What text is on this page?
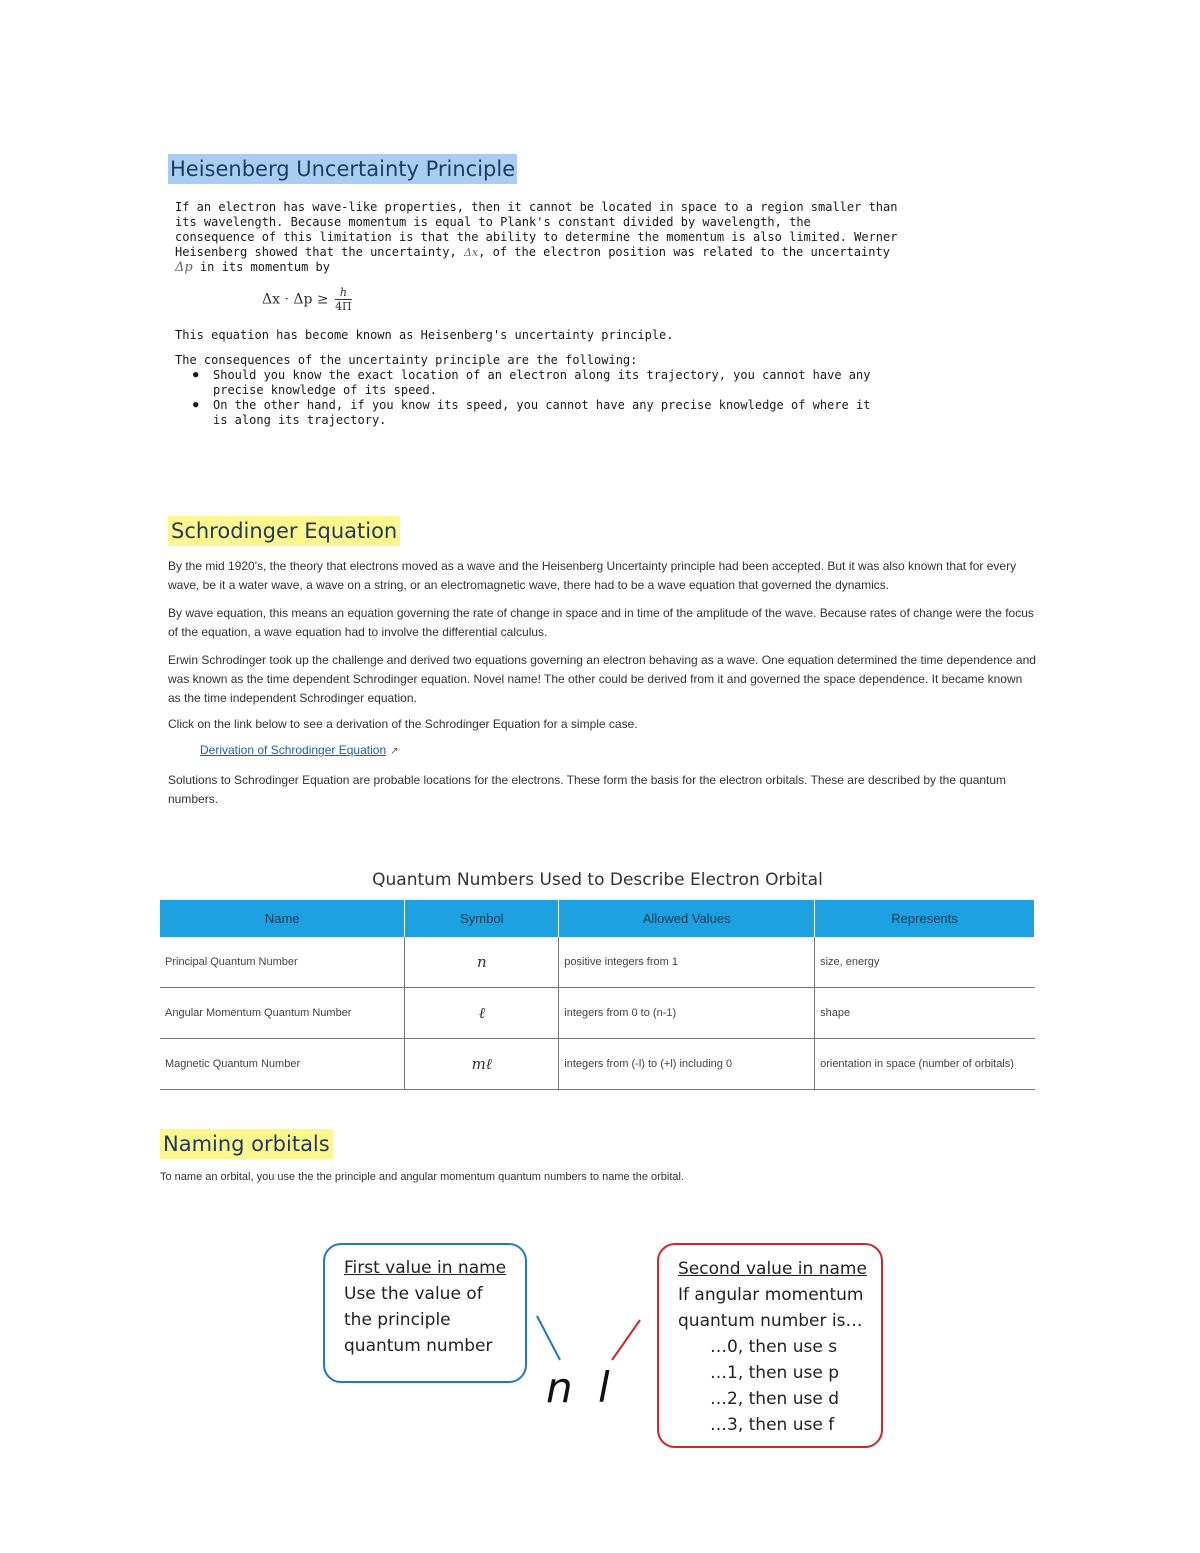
Heisenberg Uncertainty Principle
If an electron has wave-like properties, then it cannot be located in space to a region smaller than
its wavelength. Because momentum is equal to Plank's constant divided by wavelength, the
consequence of this limitation is that the ability to determine the momentum is also limited. Werner
Heisenberg showed that the uncertainty, Δx, of the electron position was related to the uncertainty
Δp in its momentum by
$\Delta x \cdot \Delta p \ge \frac{h}{4\Pi}$
This equation has become known as Heisenberg's uncertainty principle.
The consequences of the uncertainty principle are the following:
● Should you know the exact location of an electron along its trajectory, you cannot have any
precise knowledge of its speed.
● On the other hand, if you know its speed, you cannot have any precise knowledge of where it
is along its trajectory.
Schrodinger Equation
By the mid 1920's, the theory that electrons moved as a wave and the Heisenberg Uncertainty principle had been accepted. But it was also known that for every wave, be it a water wave, a wave on a string, or an electromagnetic wave, there had to be a wave equation that governed the dynamics.
By wave equation, this means an equation governing the rate of change in space and in time of the amplitude of the wave. Because rates of change were the focus of the equation, a wave equation had to involve the differential calculus.
Erwin Schrodinger took up the challenge and derived two equations governing an electron behaving as a wave. One equation determined the time dependence and was known as the time dependent Schrodinger equation. Novel name! The other could be derived from it and governed the space dependence. It became known as the time independent Schrodinger equation.
Click on the link below to see a derivation of the Schrodinger Equation for a simple case.
Derivation of Schrodinger Equation ↗
Solutions to Schrodinger Equation are probable locations for the electrons. These form the basis for the electron orbitals. These are described by the quantum numbers.
Quantum Numbers Used to Describe Electron Orbital
Name	Symbol	Allowed Values	Represents
Principal Quantum Number	n	positive integers from 1	size, energy
Angular Momentum Quantum Number	ℓ	integers from 0 to (n-1)	shape
Magnetic Quantum Number	mℓ	integers from (-l) to (+l) including 0	orientation in space (number of orbitals)
Naming orbitals
To name an orbital, you use the the principle and angular momentum quantum numbers to name the orbital.
First value in name
Use the value of
the principle
quantum number
Second value in name
If angular momentum
quantum number is…
…0, then use s
…1, then use p
…2, then use d
…3, then use f
n l
